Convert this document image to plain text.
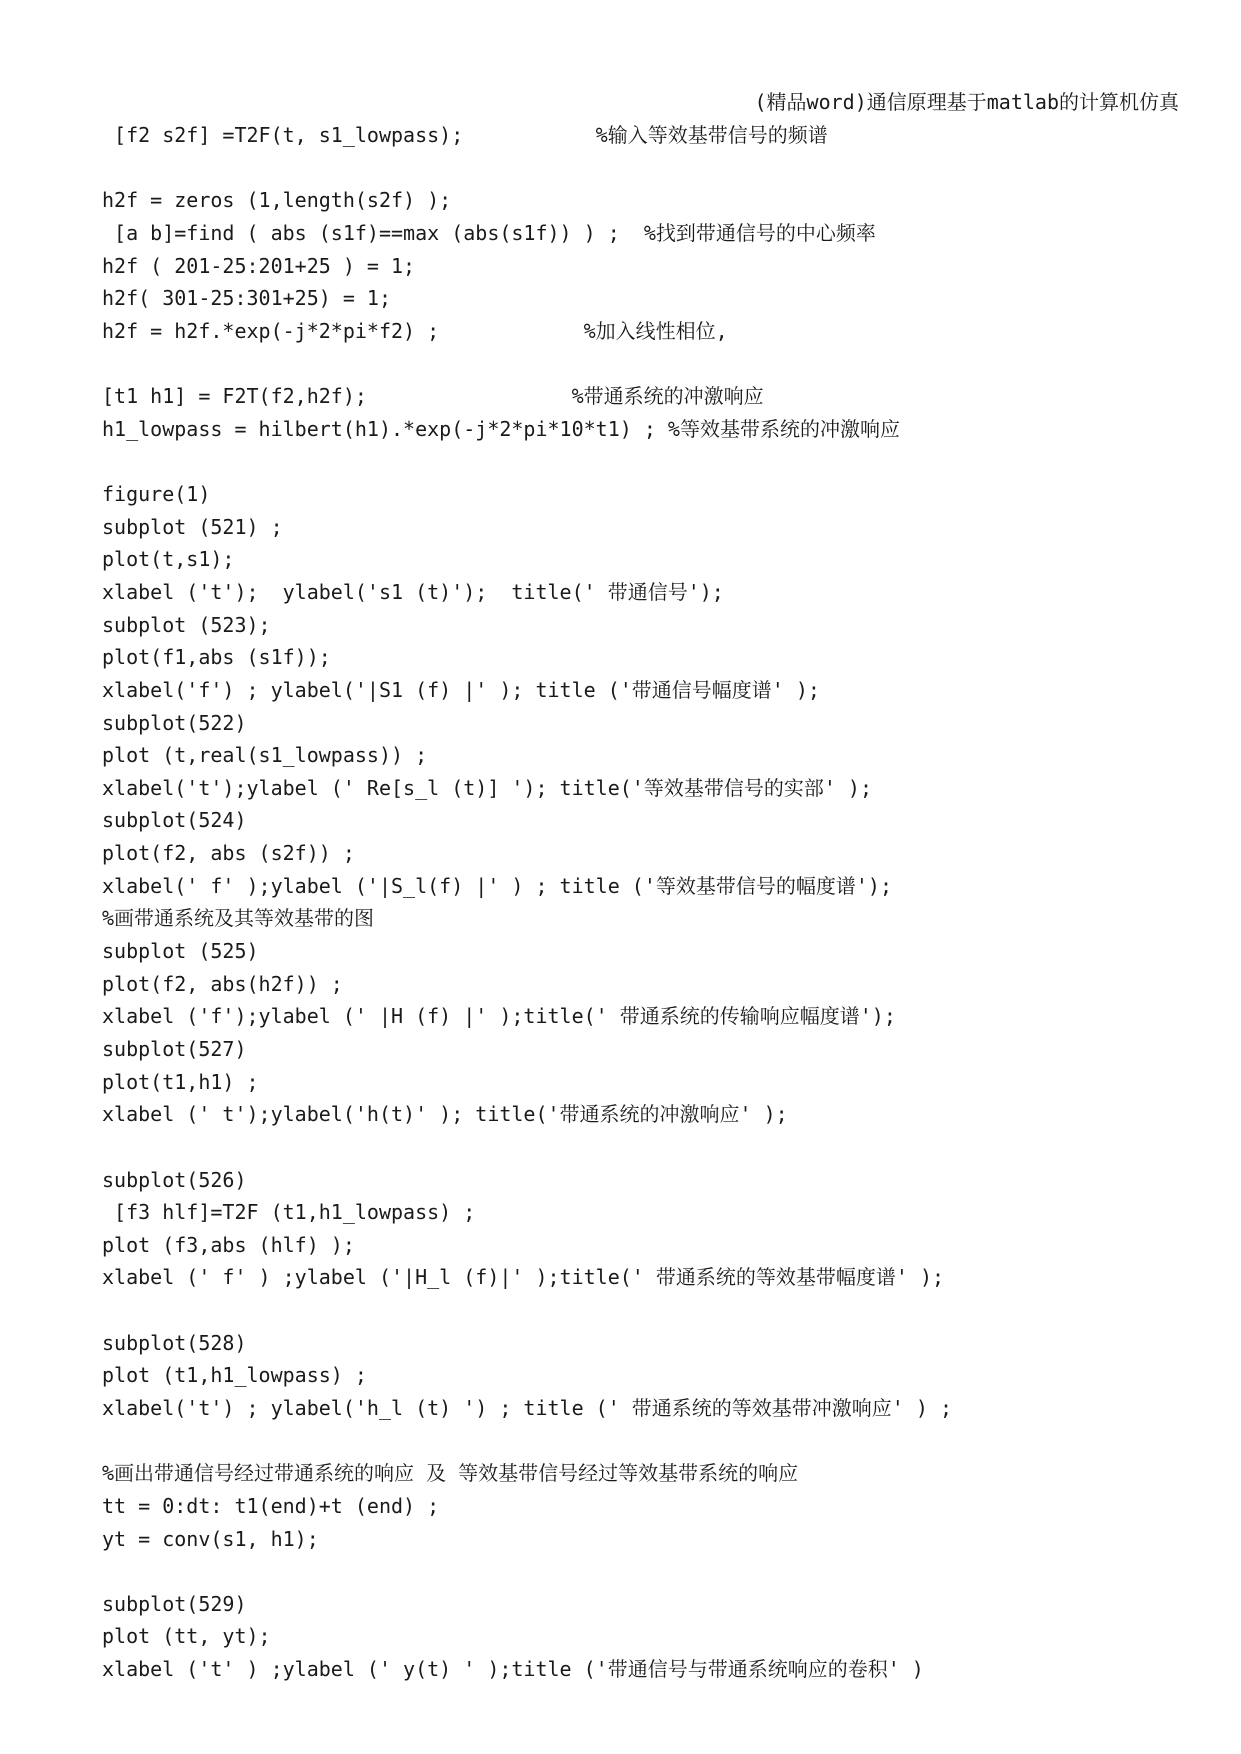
(精品word)通信原理基于matlab的计算机仿真
[f2 s2f] =T2F(t, s1_lowpass);           %输入等效基带信号的频谱
h2f = zeros (1,length(s2f) );
[a b]=find ( abs (s1f)==max (abs(s1f)) ) ;  %找到带通信号的中心频率
h2f ( 201-25:201+25 ) = 1;
h2f( 301-25:301+25) = 1;
h2f = h2f.*exp(-j*2*pi*f2) ;            %加入线性相位,
[t1 h1] = F2T(f2,h2f);                 %带通系统的冲激响应
h1_lowpass = hilbert(h1).*exp(-j*2*pi*10*t1) ; %等效基带系统的冲激响应
figure(1)
subplot (521) ;
plot(t,s1);
xlabel ('t');  ylabel('s1 (t)');  title(' 带通信号');
subplot (523);
plot(f1,abs (s1f));
xlabel('f') ; ylabel('|S1 (f) |' ); title ('带通信号幅度谱' );
subplot(522)
plot (t,real(s1_lowpass)) ;
xlabel('t');ylabel (' Re[s_l (t)] '); title('等效基带信号的实部' );
subplot(524)
plot(f2, abs (s2f)) ;
xlabel(' f' );ylabel ('|S_l(f) |' ) ; title ('等效基带信号的幅度谱');
%画带通系统及其等效基带的图
subplot (525)
plot(f2, abs(h2f)) ;
xlabel ('f');ylabel (' |H (f) |' );title(' 带通系统的传输响应幅度谱');
subplot(527)
plot(t1,h1) ;
xlabel (' t');ylabel('h(t)' ); title('带通系统的冲激响应' );
subplot(526)
[f3 hlf]=T2F (t1,h1_lowpass) ;
plot (f3,abs (hlf) );
xlabel (' f' ) ;ylabel ('|H_l (f)|' );title(' 带通系统的等效基带幅度谱' );
subplot(528)
plot (t1,h1_lowpass) ;
xlabel('t') ; ylabel('h_l (t) ') ; title (' 带通系统的等效基带冲激响应' ) ;
%画出带通信号经过带通系统的响应 及 等效基带信号经过等效基带系统的响应
tt = 0:dt: t1(end)+t (end) ;
yt = conv(s1, h1);
subplot(529)
plot (tt, yt);
xlabel ('t' ) ;ylabel (' y(t) ' );title ('带通信号与带通系统响应的卷积' )
